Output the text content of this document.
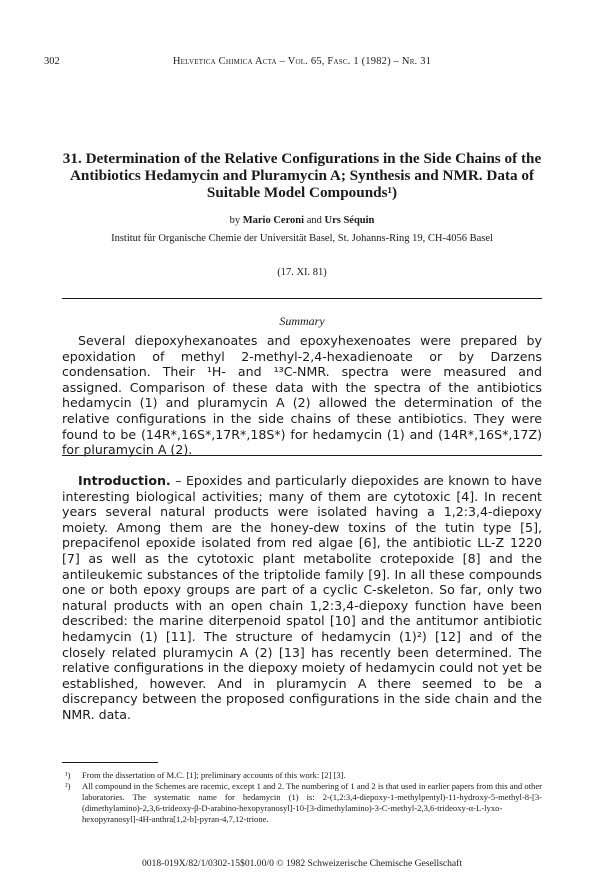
302	Helvetica Chimica Acta – Vol. 65, Fasc. 1 (1982) – Nr. 31
31. Determination of the Relative Configurations in the Side Chains of the Antibiotics Hedamycin and Pluramycin A; Synthesis and NMR. Data of Suitable Model Compounds¹)
by Mario Ceroni and Urs Séquin
Institut für Organische Chemie der Universität Basel, St. Johanns-Ring 19, CH-4056 Basel
(17. XI. 81)
Summary
Several diepoxyhexanoates and epoxyhexenoates were prepared by epoxidation of methyl 2-methyl-2,4-hexadienoate or by Darzens condensation. Their ¹H- and ¹³C-NMR. spectra were measured and assigned. Comparison of these data with the spectra of the antibiotics hedamycin (1) and pluramycin A (2) allowed the determination of the relative configurations in the side chains of these antibiotics. They were found to be (14R*,16S*,17R*,18S*) for hedamycin (1) and (14R*,16S*,17Z) for pluramycin A (2).
Introduction. – Epoxides and particularly diepoxides are known to have interesting biological activities; many of them are cytotoxic [4]. In recent years several natural products were isolated having a 1,2:3,4-diepoxy moiety. Among them are the honey-dew toxins of the tutin type [5], prepacifenol epoxide isolated from red algae [6], the antibiotic LL-Z 1220 [7] as well as the cytotoxic plant metabolite crotepoxide [8] and the antileukemic substances of the triptolide family [9]. In all these compounds one or both epoxy groups are part of a cyclic C-skeleton. So far, only two natural products with an open chain 1,2:3,4-diepoxy function have been described: the marine diterpenoid spatol [10] and the antitumor antibiotic hedamycin (1) [11]. The structure of hedamycin (1)²) [12] and of the closely related pluramycin A (2) [13] has recently been determined. The relative configurations in the diepoxy moiety of hedamycin could not yet be established, however. And in pluramycin A there seemed to be a discrepancy between the proposed configurations in the side chain and the NMR. data.
¹) From the dissertation of M.C. [1]; preliminary accounts of this work: [2] [3].
²) All compound in the Schemes are racemic, except 1 and 2. The numbering of 1 and 2 is that used in earlier papers from this and other laboratories. The systematic name for hedamycin (1) is: 2-(1,2:3,4-diepoxy-1-methylpentyl)-11-hydroxy-5-methyl-8-[3-(dimethylamino)-2,3,6-trideoxy-β-D-arabino-hexopyranosyl]-10-[3-dimethylamino)-3-C-methyl-2,3,6-trideoxy-α-L-lyxo-hexopyranosyl]-4H-anthra[1,2-b]-pyran-4,7,12-trione.
0018-019X/82/1/0302-15$01.00/0 © 1982 Schweizerische Chemische Gesellschaft
